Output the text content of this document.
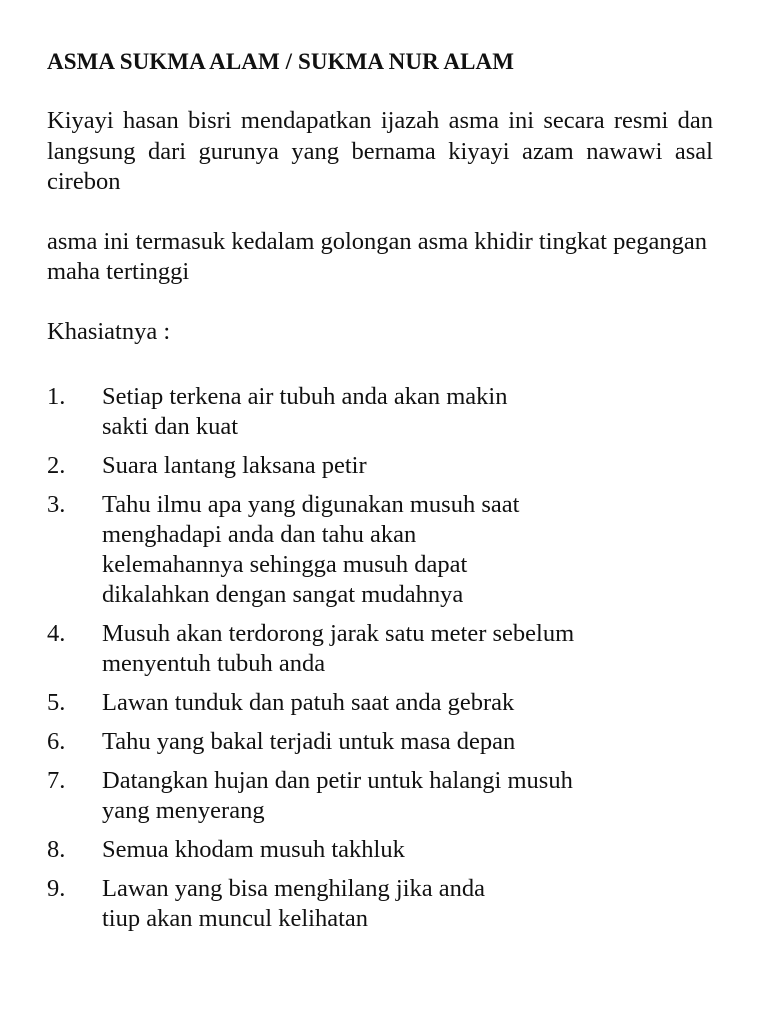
ASMA SUKMA ALAM / SUKMA NUR ALAM

Kiyayi hasan bisri mendapatkan ijazah asma ini secara resmi dan langsung dari gurunya yang bernama kiyayi azam nawawi asal cirebon

asma ini termasuk kedalam golongan asma khidir tingkat pegangan maha tertinggi

Khasiatnya :

1.	Setiap terkena air tubuh anda akan makin
sakti dan kuat
2.	Suara lantang laksana petir
3.	Tahu ilmu apa yang digunakan musuh saat
menghadapi anda dan tahu akan
kelemahannya sehingga musuh dapat
dikalahkan dengan sangat mudahnya
4.	Musuh akan terdorong jarak satu meter sebelum
menyentuh tubuh anda
5.	Lawan tunduk dan patuh saat anda gebrak
6.	Tahu yang bakal terjadi untuk masa depan
7.	Datangkan hujan dan petir untuk halangi musuh
yang menyerang
8.	Semua khodam musuh takhluk
9.	Lawan yang bisa menghilang jika anda
tiup akan muncul kelihatan
